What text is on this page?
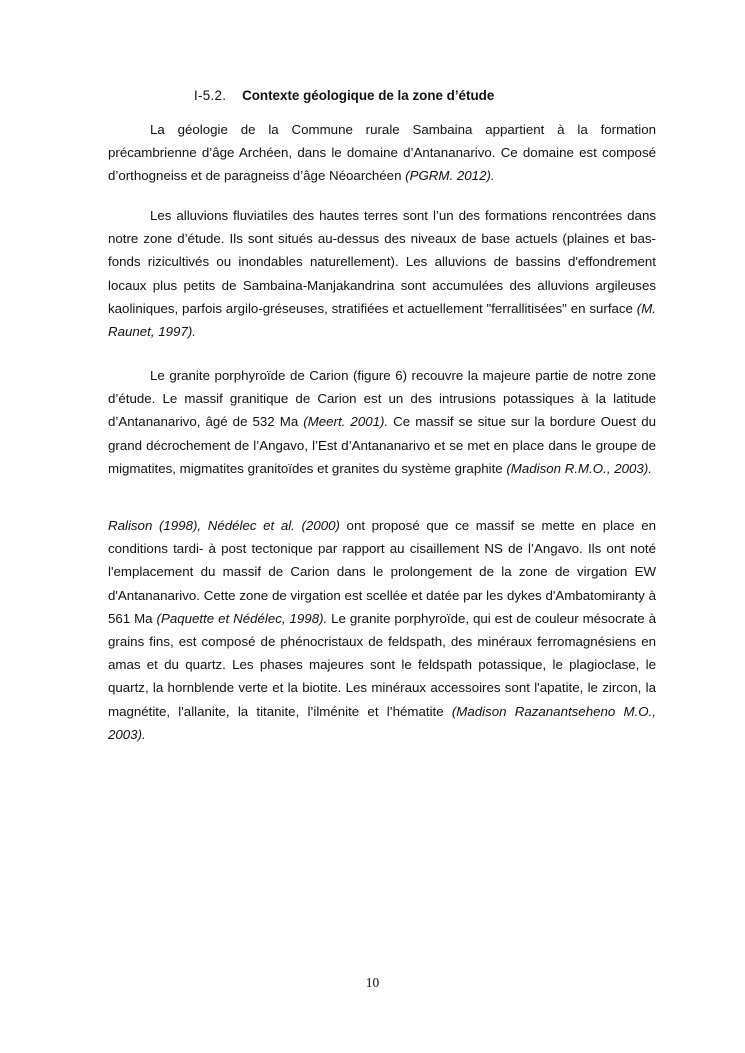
I-5.2. Contexte géologique de la zone d’étude

La géologie de la Commune rurale Sambaina appartient à la formation précambrienne d’âge Archéen, dans le domaine d’Antananarivo. Ce domaine est composé d’orthogneiss et de paragneiss d’âge Néoarchéen (PGRM. 2012).

Les alluvions fluviatiles des hautes terres sont l’un des formations rencontrées dans notre zone d’étude. Ils sont situés au-dessus des niveaux de base actuels (plaines et bas-fonds rizicultivés ou inondables naturellement). Les alluvions de bassins d'effondrement locaux plus petits de Sambaina-Manjakandrina sont accumulées des alluvions argileuses kaoliniques, parfois argilo-gréseuses, stratifiées et actuellement "ferrallitisées" en surface (M. Raunet, 1997).

Le granite porphyroïde de Carion (figure 6) recouvre la majeure partie de notre zone d’étude. Le massif granitique de Carion est un des intrusions potassiques à la latitude d’Antananarivo, âgé de 532 Ma (Meert. 2001). Ce massif se situe sur la bordure Ouest du grand décrochement de l’Angavo, l’Est d’Antananarivo et se met en place dans le groupe de migmatites, migmatites granitoïdes et granites du système graphite (Madison R.M.O., 2003).

Ralison (1998), Nédélec et al. (2000) ont proposé que ce massif se mette en place en conditions tardi- à post tectonique par rapport au cisaillement NS de l’Angavo. Ils ont noté l'emplacement du massif de Carion dans le prolongement de la zone de virgation EW d'Antananarivo. Cette zone de virgation est scellée et datée par les dykes d'Ambatomiranty à 561 Ma (Paquette et Nédélec, 1998). Le granite porphyroïde, qui est de couleur mésocrate à grains fins, est composé de phénocristaux de feldspath, des minéraux ferromagnésiens en amas et du quartz. Les phases majeures sont le feldspath potassique, le plagioclase, le quartz, la hornblende verte et la biotite. Les minéraux accessoires sont l'apatite, le zircon, la magnétite, l'allanite, la titanite, l’ilménite et l’hématite (Madison Razanantseheno M.O., 2003).

10
